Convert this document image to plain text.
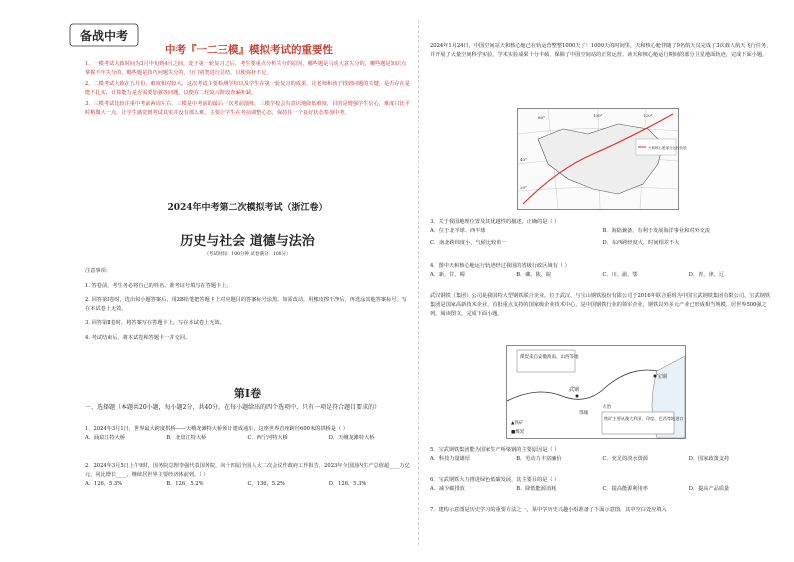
备战中考
中考『一二三模』模拟考试的重要性

1、一模考试大致时间为3月中旬到4月之间，处于第一轮复习之后，考生要重点分析失分的原因，哪些题是马虎大意失分的，哪些题是知识点掌握不牢失分的，哪些题是技巧问题失分的，分门别类进行总结，以便弥补不足。

2、二模考试大致在五月份，难度相对较大，这次考试主要检测学校以及学生在第一轮复习的成果，让老师和孩子找到问题的关键，是否存在是能不扎实，计算能力是否需要加强等问题，以便在二轮复习阶段查漏补缺。

3、三模考试比较注重中考前两周左右，三模是中考前的最后一次考前演练，三模学校会有意识地降低难度，目的是增强学生信心，难度只比平时稍微大一点，让学生感觉到考试其实并没有那么难，主要让学生在考前调整心态，保持住一个良好状态参加中考。

2024年中考第二次模拟考试（浙江卷）
历史与社会 道德与法治
（考试时间：100分钟 试卷满分：100分）

注意事项：

1. 答卷前，考生务必将自己的姓名、准考证号填写在答题卡上。

2. 回答第Ⅰ卷时，选出每小题答案后，用2B铅笔把答题卡上对应题目的答案标号涂黑。如需改动，用橡皮擦干净后，再选涂其他答案标号。写在本试卷上无效。

3. 回答第Ⅱ卷时，将答案写在答题卡上。写在本试卷上无效。

4. 考试结束后，将本试卷和答题卡一并交回。

第Ⅰ卷
一、选择题（本题共20小题，每小题2分，共40分。在每小题给出的四个选项中，只有一项是符合题目要求的）

1．2024年3月1日，世界最大跨度拱桥——天峨龙滩特大桥预计建成通车，这座世界首座跨径600米的拱桥是（ ）

A．涌泉江特大桥	B．北盘江特大桥	C．西宁河特大桥	D．天峨龙滩特大桥

2．2024年3月5日上午9时，国务院总理李强代表国务院，向十四届全国人大二次会议作政府工作报告，2023年全国国内生产总值超____万亿元，同比增长____，继续居世界主要经济体前列。（ ）

A．126，5.3%	B．126，5.2%	C．136，5.2%	D．126，5.3%

2024年1月24日，中国空间站天和核心舱已在轨运营整整1000天了！1000天的时间里，天和核心舱伴随了9名航天员完成了3次载人航天飞行任务，并开展了大量空间科学实验，学术实验成果十分丰硕，保障了中国空间站的正常运营。读天和核心舱运行期间的部分卫星地面轨迹，完成下面小题。

80°	100°	120°
40°
20°
天和核心舱部分运行轨迹

3．关于我国地理位置及其优越性的描述，正确的是（ ）

A．位于北半球、西半球	B．海陆兼备，有利于发展海洋事业和对外交流
C．南北跨纬度小，气候比较单一	D．东西跨经度大，时间相差不大

4．图中天和核心舱运行轨迹经过我国的省级行政区域有（ ）

A．新、甘、蜀	B．藏、陕、皖	C．川、渝、鄂	D．青、津、辽

武汉钢铁（集团）公司是我国特大型钢铁联合企业。位于武汉，与宝山钢铁股份有限公司于2016年联合重组为中国宝武钢铁集团有限公司。宝武钢铁集团是国家高新技术企业、首批重点支持的国家级企业技术中心，是中国钢铁行业的领军企业，钢铁以外多元产业已形成相当规模，居世界500强之列。阅读图文，完成下面小题。

煤炭来自安徽淮南，山西等地
武钢
鄂城
大冶
宝钢
铁矿主要从澳大利亚、印度、巴西等地进口
▲铁矿
■煤炭

5．宝武钢铁集团能为国家生产桥梁钢的主要原因是（ ）

A．科技力量雄厚	B．劳动力丰富廉价	C．充足的淡水资源	D．国家政策支持

6．宝武钢铁大力推进绿色低碳发展，其主要目的是（ ）

A．减少碳排放	B．降低能源消耗	C．提高能源利用率	D．提高产品质量

7．建构示意图是历史学习的重要方法之一，某中学历史兴趣小组准备了下面示意图，其中空白处应填入
